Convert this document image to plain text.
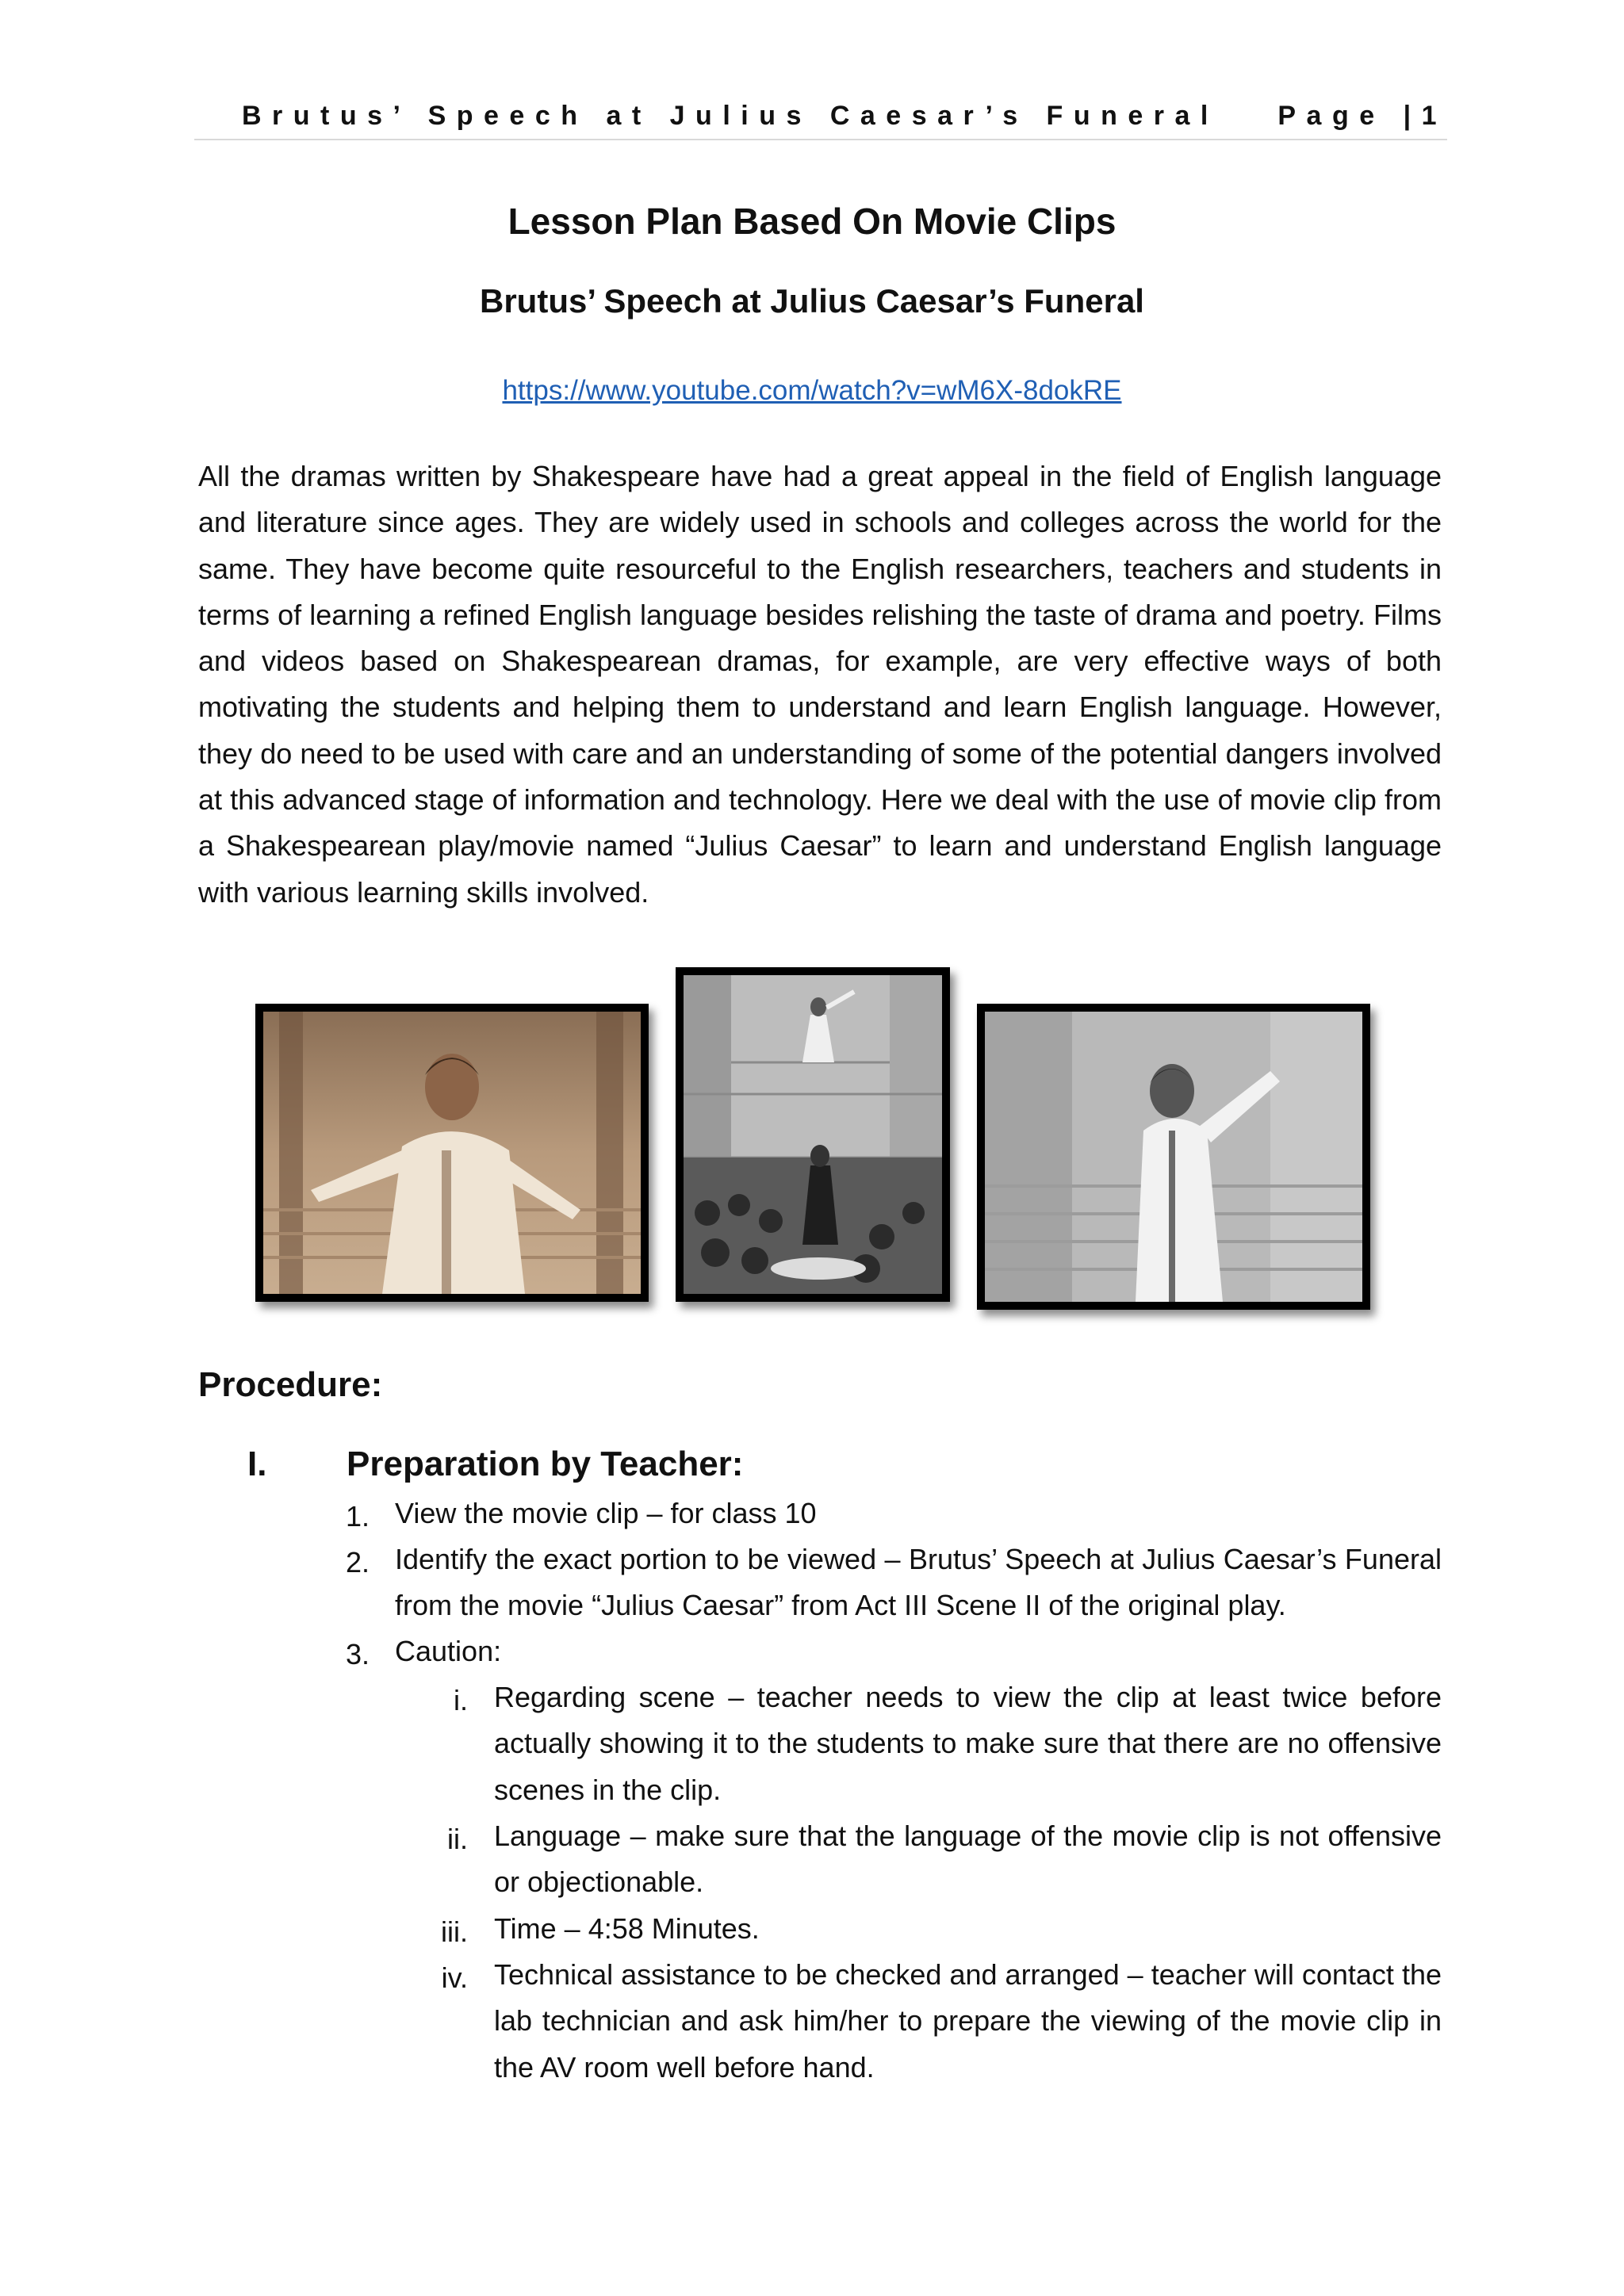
Brutus’ Speech at Julius Caesar’s Funeral Page |1
Lesson Plan Based On Movie Clips
Brutus’ Speech at Julius Caesar’s Funeral
https://www.youtube.com/watch?v=wM6X-8dokRE
All the dramas written by Shakespeare have had a great appeal in the field of English language and literature since ages. They are widely used in schools and colleges across the world for the same. They have become quite resourceful to the English researchers, teachers and students in terms of learning a refined English language besides relishing the taste of drama and poetry. Films and videos based on Shakespearean dramas, for example, are very effective ways of both motivating the students and helping them to understand and learn English language. However, they do need to be used with care and an understanding of some of the potential dangers involved at this advanced stage of information and technology. Here we deal with the use of movie clip from a Shakespearean play/movie named “Julius Caesar” to learn and understand English language with various learning skills involved.
Procedure:
I. Preparation by Teacher:
1. View the movie clip – for class 10
2. Identify the exact portion to be viewed – Brutus’ Speech at Julius Caesar’s Funeral from the movie “Julius Caesar” from Act III Scene II of the original play.
3. Caution:
i. Regarding scene – teacher needs to view the clip at least twice before actually showing it to the students to make sure that there are no offensive scenes in the clip.
ii. Language – make sure that the language of the movie clip is not offensive or objectionable.
iii. Time – 4:58 Minutes.
iv. Technical assistance to be checked and arranged – teacher will contact the lab technician and ask him/her to prepare the viewing of the movie clip in the AV room well before hand.
